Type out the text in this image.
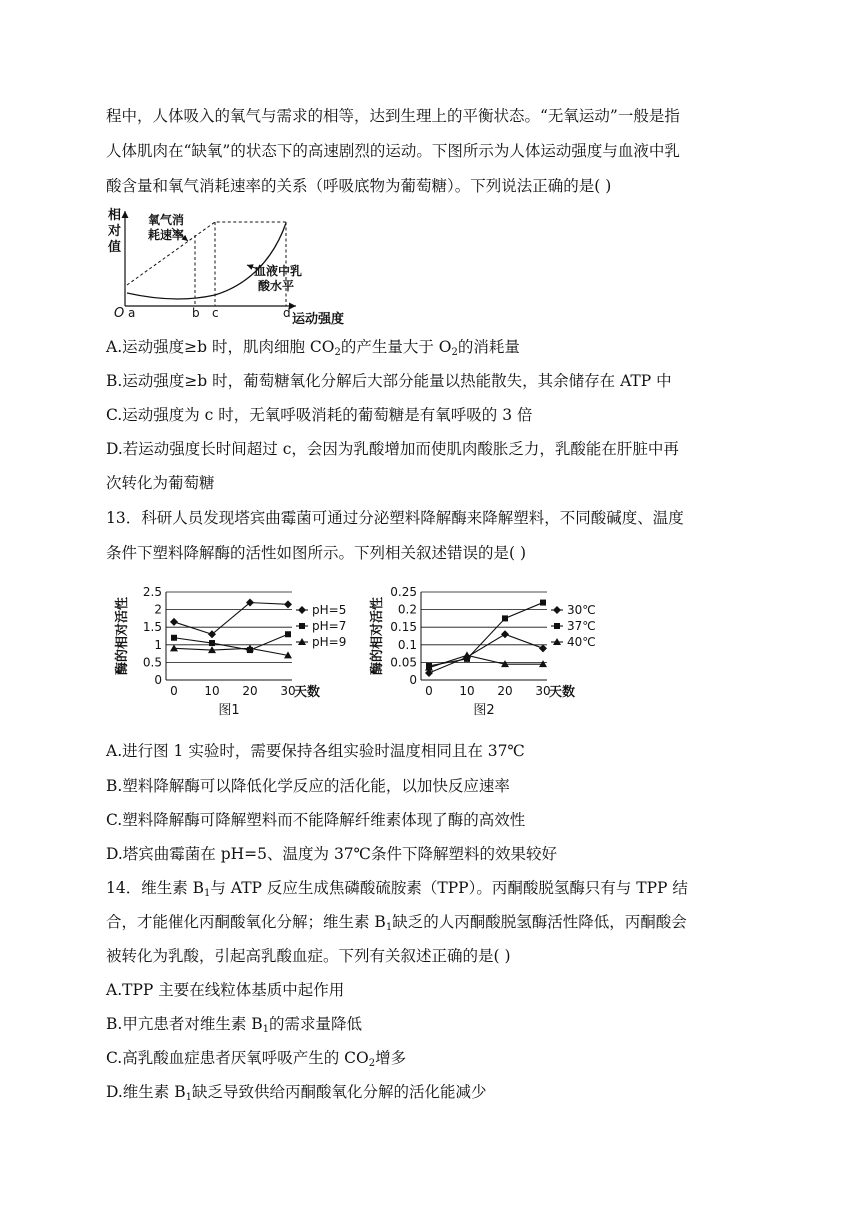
程中，人体吸入的氧气与需求的相等，达到生理上的平衡状态。“无氧运动”一般是指
人体肌肉在“缺氧”的状态下的高速剧烈的运动。下图所示为人体运动强度与血液中乳
酸含量和氧气消耗速率的关系（呼吸底物为葡萄糖）。下列说法正确的是( )
相
对
值
氧气消
耗速率
血液中乳
酸水平
O a	b c	d 运动强度
A.运动强度≥b 时，肌肉细胞 $CO_2$的产生量大于 $O_2$的消耗量
B.运动强度≥b 时，葡萄糖氧化分解后大部分能量以热能散失，其余储存在 ATP 中
C.运动强度为 c 时，无氧呼吸消耗的葡萄糖是有氧呼吸的 3 倍
D.若运动强度长时间超过 c，会因为乳酸增加而使肌肉酸胀乏力，乳酸能在肝脏中再
次转化为葡萄糖
13．科研人员发现塔宾曲霉菌可通过分泌塑料降解酶来降解塑料，不同酸碱度、温度
条件下塑料降解酶的活性如图所示。下列相关叙述错误的是( )
0
0.5
1
1.5
2
2.5
0 10 20 30
天数
酶的相对活性	pH=5
pH=7
pH=9
图1
0
0.05
0.1
0.15
0.2
0.25
0 10 20 30
天数
酶的相对活性	30℃
37℃
40℃
图2
A.进行图 1 实验时，需要保持各组实验时温度相同且在 37℃
B.塑料降解酶可以降低化学反应的活化能，以加快反应速率
C.塑料降解酶可降解塑料而不能降解纤维素体现了酶的高效性
D.塔宾曲霉菌在 pH=5、温度为 37℃条件下降解塑料的效果较好
14．维生素 $B_1$与 ATP 反应生成焦磷酸硫胺素（TPP）。丙酮酸脱氢酶只有与 TPP 结
合，才能催化丙酮酸氧化分解；维生素 $B_1$缺乏的人丙酮酸脱氢酶活性降低，丙酮酸会
被转化为乳酸，引起高乳酸血症。下列有关叙述正确的是( )
A.TPP 主要在线粒体基质中起作用
B.甲亢患者对维生素 $B_1$的需求量降低
C.高乳酸血症患者厌氧呼吸产生的 $CO_2$增多
D.维生素 $B_1$缺乏导致供给丙酮酸氧化分解的活化能减少
